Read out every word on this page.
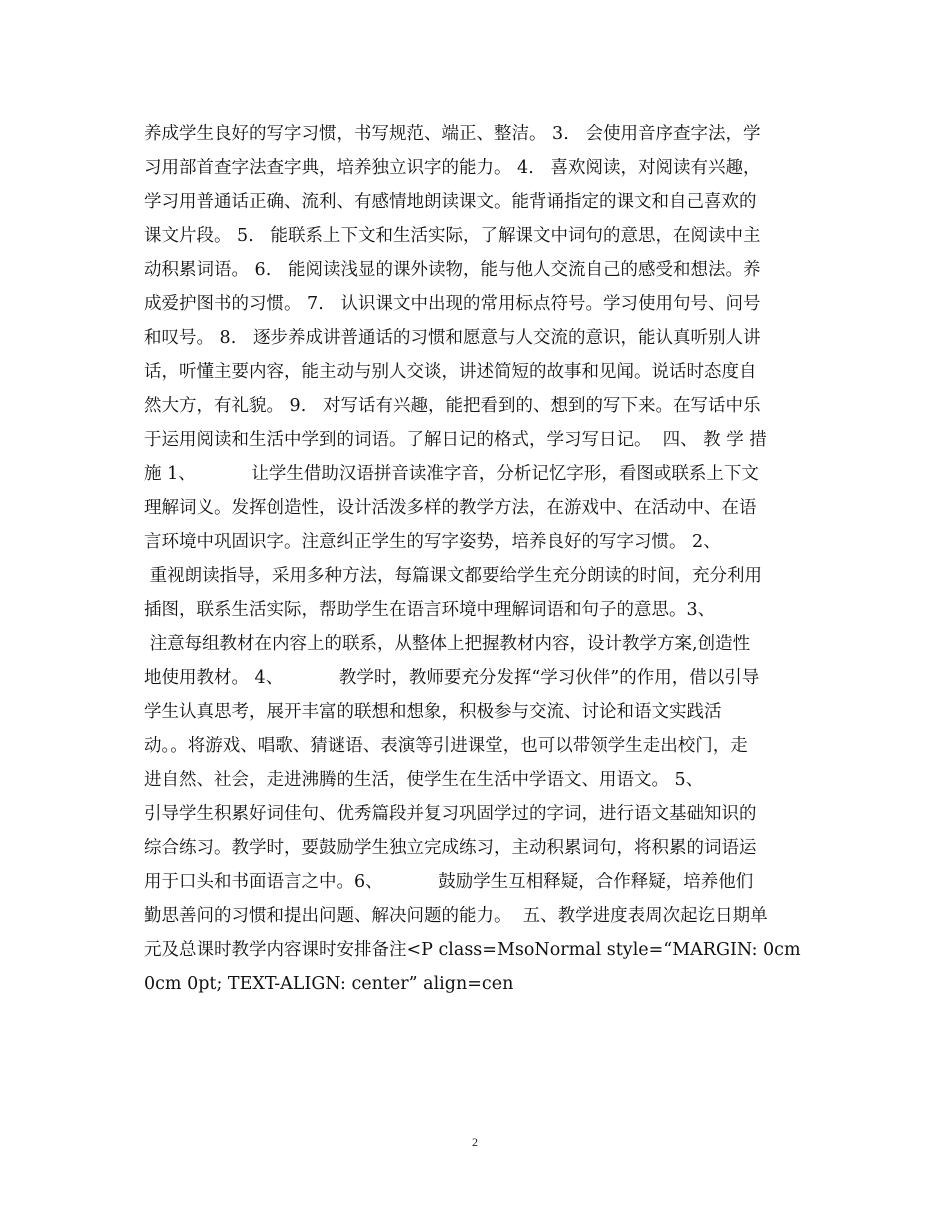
养成学生良好的写字习惯，书写规范、端正、整洁。 3.   会使用音序查字法，学
习用部首查字法查字典，培养独立识字的能力。 4.   喜欢阅读，对阅读有兴趣，
学习用普通话正确、流利、有感情地朗读课文。能背诵指定的课文和自己喜欢的
课文片段。 5.   能联系上下文和生活实际，了解课文中词句的意思，在阅读中主
动积累词语。 6.   能阅读浅显的课外读物，能与他人交流自己的感受和想法。养
成爱护图书的习惯。 7.   认识课文中出现的常用标点符号。学习使用句号、问号
和叹号。 8.   逐步养成讲普通话的习惯和愿意与人交流的意识，能认真听别人讲
话，听懂主要内容，能主动与别人交谈，讲述简短的故事和见闻。说话时态度自
然大方，有礼貌。 9.   对写话有兴趣，能把看到的、想到的写下来。在写话中乐
于运用阅读和生活中学到的词语。了解日记的格式，学习写日记。  四、 教 学 措
施 1、          让学生借助汉语拼音读准字音，分析记忆字形，看图或联系上下文
理解词义。发挥创造性，设计活泼多样的教学方法，在游戏中、在活动中、在语
言环境中巩固识字。注意纠正学生的写字姿势，培养良好的写字习惯。 2、
重视朗读指导，采用多种方法，每篇课文都要给学生充分朗读的时间，充分利用
插图，联系生活实际，帮助学生在语言环境中理解词语和句子的意思。3、
注意每组教材在内容上的联系，从整体上把握教材内容，设计教学方案,创造性
地使用教材。 4、          教学时，教师要充分发挥“学习伙伴”的作用，借以引导
学生认真思考，展开丰富的联想和想象，积极参与交流、讨论和语文实践活
动。。将游戏、唱歌、猜谜语、表演等引进课堂，也可以带领学生走出校门，走
进自然、社会，走进沸腾的生活，使学生在生活中学语文、用语文。 5、
引导学生积累好词佳句、优秀篇段并复习巩固学过的字词，进行语文基础知识的
综合练习。教学时，要鼓励学生独立完成练习，主动积累词句，将积累的词语运
用于口头和书面语言之中。6、          鼓励学生互相释疑，合作释疑，培养他们
勤思善问的习惯和提出问题、解决问题的能力。  五、教学进度表周次起讫日期单
元及总课时教学内容课时安排备注<P class=MsoNormal style=“MARGIN: 0cm
0cm 0pt; TEXT-ALIGN: center” align=cen
2
